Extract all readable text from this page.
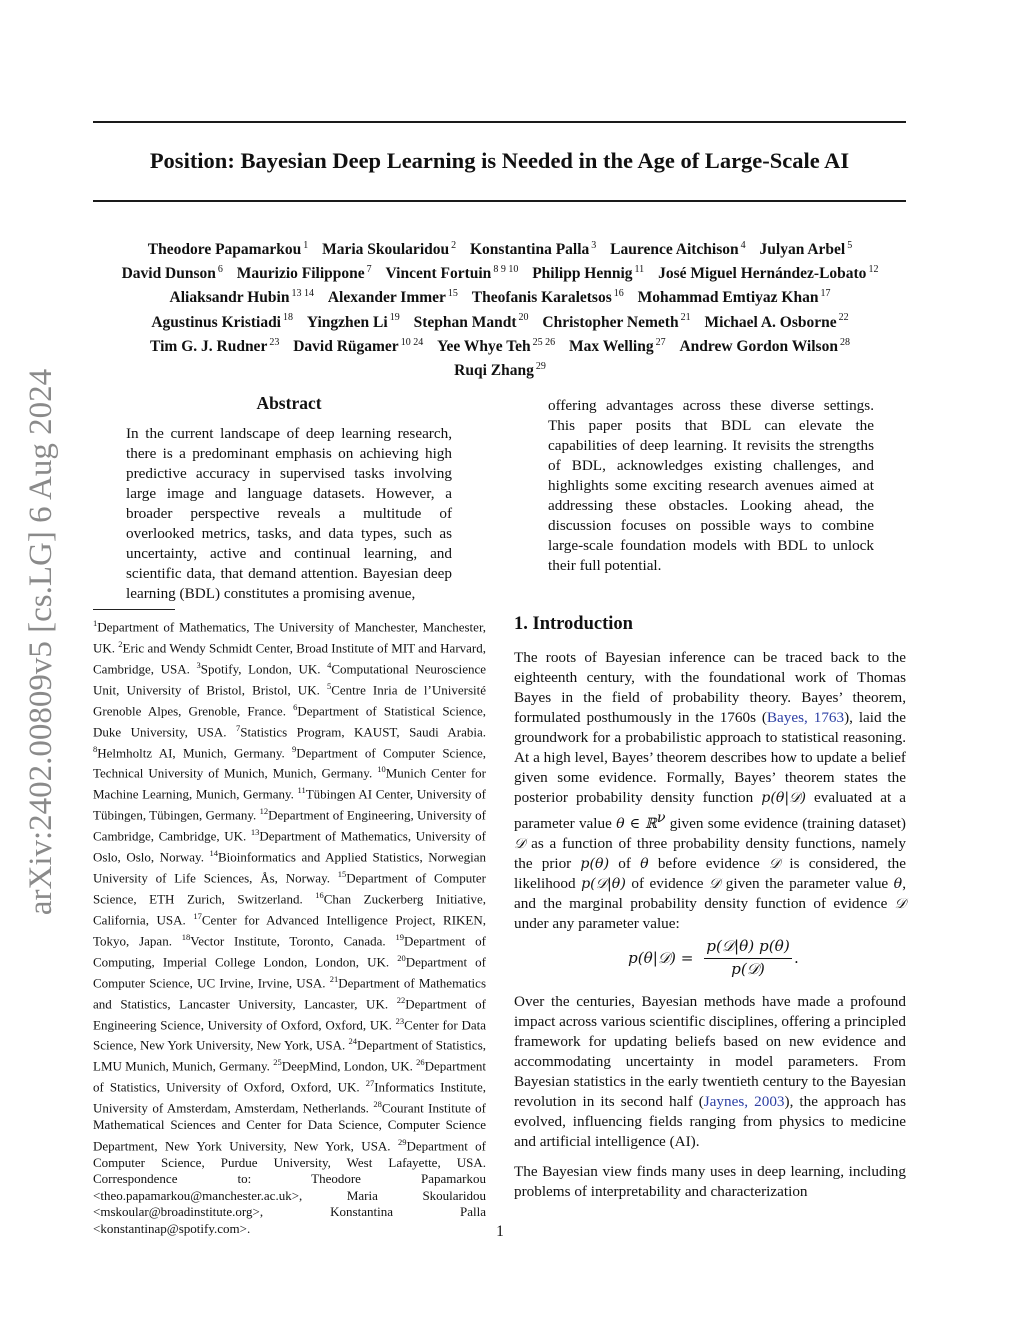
Position: Bayesian Deep Learning is Needed in the Age of Large-Scale AI
Theodore Papamarkou $^1$ Maria Skoularidou $^2$ Konstantina Palla $^3$ Laurence Aitchison $^4$ Julyan Arbel $^5$
David Dunson $^6$ Maurizio Filippone $^7$ Vincent Fortuin $^{8 9 10}$ Philipp Hennig $^{11}$ José Miguel Hernández-Lobato $^{12}$
Aliaksandr Hubin $^{13 14}$ Alexander Immer $^{15}$ Theofanis Karaletsos $^{16}$ Mohammad Emtiyaz Khan $^{17}$
Agustinus Kristiadi $^{18}$ Yingzhen Li $^{19}$ Stephan Mandt $^{20}$ Christopher Nemeth $^{21}$ Michael A. Osborne $^{22}$
Tim G. J. Rudner $^{23}$ David Rügamer $^{10 24}$ Yee Whye Teh $^{25 26}$ Max Welling $^{27}$ Andrew Gordon Wilson $^{28}$
Ruqi Zhang $^{29}$
arXiv:2402.00809v5 [cs.LG] 6 Aug 2024	Abstract

In the current landscape of deep learning research, there is a predominant emphasis on achieving high predictive accuracy in supervised tasks involving large image and language datasets. However, a broader perspective reveals a multitude of overlooked metrics, tasks, and data types, such as uncertainty, active and continual learning, and scientific data, that demand attention. Bayesian deep learning (BDL) constitutes a promising avenue,

offering advantages across these diverse settings. This paper posits that BDL can elevate the capabilities of deep learning. It revisits the strengths of BDL, acknowledges existing challenges, and highlights some exciting research avenues aimed at addressing these obstacles. Looking ahead, the discussion focuses on possible ways to combine large-scale foundation models with BDL to unlock their full potential.

$^1$Department of Mathematics, The University of Manchester, Manchester, UK. $^2$Eric and Wendy Schmidt Center, Broad Institute of MIT and Harvard, Cambridge, USA. $^3$Spotify, London, UK. $^4$Computational Neuroscience Unit, University of Bristol, Bristol, UK. $^5$Centre Inria de l’Université Grenoble Alpes, Grenoble, France. $^6$Department of Statistical Science, Duke University, USA. $^7$Statistics Program, KAUST, Saudi Arabia. $^8$Helmholtz AI, Munich, Germany. $^9$Department of Computer Science, Technical University of Munich, Munich, Germany. $^{10}$Munich Center for Machine Learning, Munich, Germany. $^{11}$Tübingen AI Center, University of Tübingen, Tübingen, Germany. $^{12}$Department of Engineering, University of Cambridge, Cambridge, UK. $^{13}$Department of Mathematics, University of Oslo, Oslo, Norway. $^{14}$Bioinformatics and Applied Statistics, Norwegian University of Life Sciences, Ås, Norway. $^{15}$Department of Computer Science, ETH Zurich, Switzerland. $^{16}$Chan Zuckerberg Initiative, California, USA. $^{17}$Center for Advanced Intelligence Project, RIKEN, Tokyo, Japan. $^{18}$Vector Institute, Toronto, Canada. $^{19}$Department of Computing, Imperial College London, London, UK. $^{20}$Department of Computer Science, UC Irvine, Irvine, USA. $^{21}$Department of Mathematics and Statistics, Lancaster University, Lancaster, UK. $^{22}$Department of Engineering Science, University of Oxford, Oxford, UK. $^{23}$Center for Data Science, New York University, New York, USA. $^{24}$Department of Statistics, LMU Munich, Munich, Germany. $^{25}$DeepMind, London, UK. $^{26}$Department of Statistics, University of Oxford, Oxford, UK. $^{27}$Informatics Institute, University of Amsterdam, Amsterdam, Netherlands. $^{28}$Courant Institute of Mathematical Sciences and Center for Data Science, Computer Science Department, New York University, New York, USA. $^{29}$Department of Computer Science, Purdue University, West Lafayette, USA. Correspondence to: Theodore Papamarkou <theo.papamarkou@manchester.ac.uk>, Maria Skoularidou <mskoular@broadinstitute.org>, Konstantina Palla <konstantinap@spotify.com>.

1. Introduction

The roots of Bayesian inference can be traced back to the eighteenth century, with the foundational work of Thomas Bayes in the field of probability theory. Bayes’ theorem, formulated posthumously in the 1760s (Bayes, 1763), laid the groundwork for a probabilistic approach to statistical reasoning. At a high level, Bayes’ theorem describes how to update a belief given some evidence. Formally, Bayes’ theorem states the posterior probability density function p(θ|𝒟) evaluated at a parameter value θ ∈ ℝ$^\nu$ given some evidence (training dataset) 𝒟 as a function of three probability density functions, namely the prior p(θ) of θ before evidence 𝒟 is considered, the likelihood p(𝒟|θ) of evidence 𝒟 given the parameter value θ, and the marginal probability density function of evidence 𝒟 under any parameter value:

p(θ|𝒟) =
p(𝒟|θ) p(θ)
p(𝒟)
.

Over the centuries, Bayesian methods have made a profound impact across various scientific disciplines, offering a principled framework for updating beliefs based on new evidence and accommodating uncertainty in model parameters. From Bayesian statistics in the early twentieth century to the Bayesian revolution in its second half (Jaynes, 2003), the approach has evolved, influencing fields ranging from physics to medicine and artificial intelligence (AI).

The Bayesian view finds many uses in deep learning, including problems of interpretability and characterization

1
